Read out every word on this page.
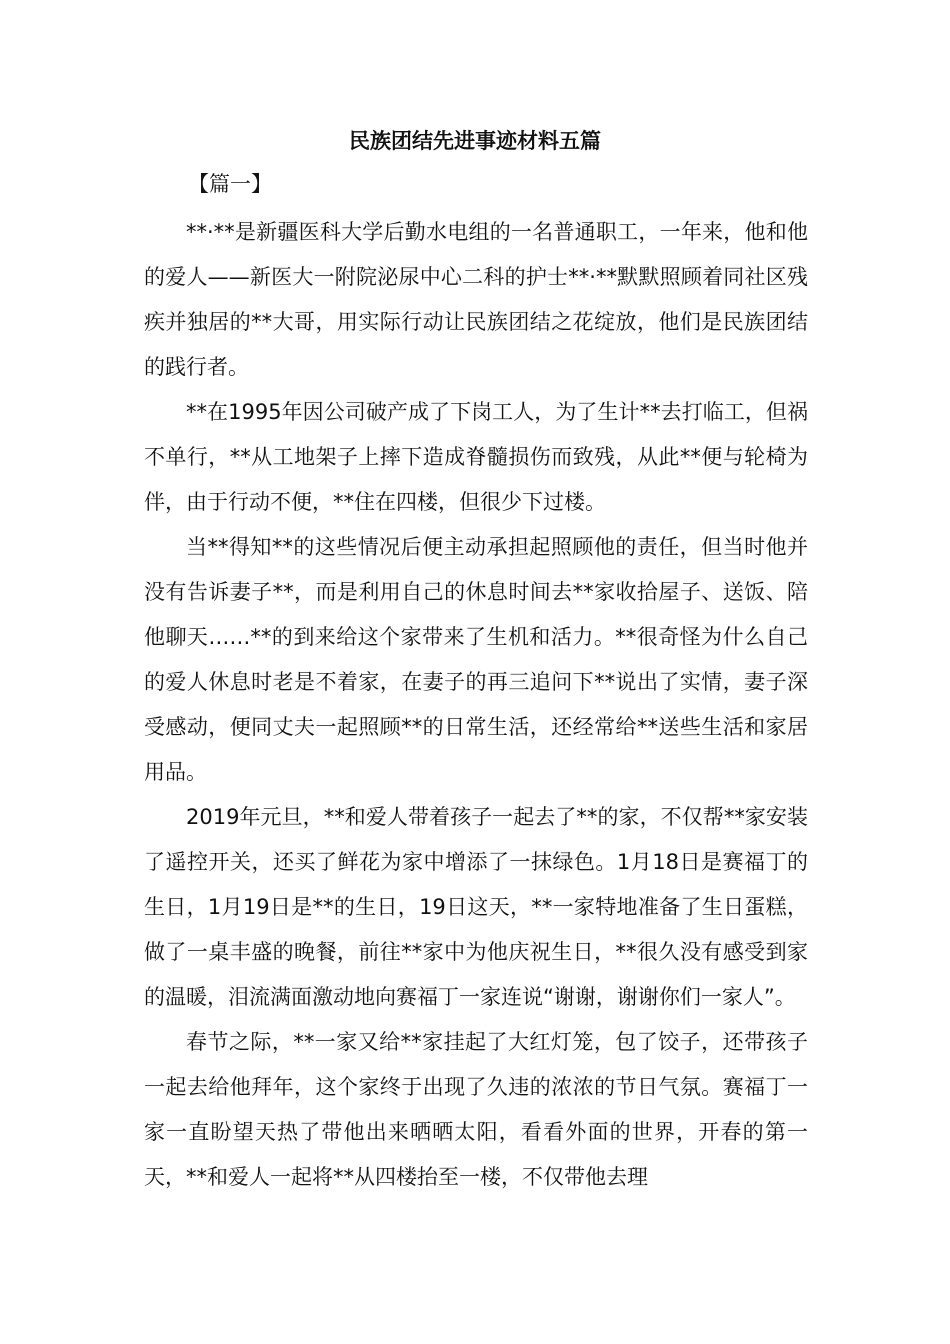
民族团结先进事迹材料五篇

【篇一】

**·**是新疆医科大学后勤水电组的一名普通职工，一年来，他和他的爱人——新医大一附院泌尿中心二科的护士**·**默默照顾着同社区残疾并独居的**大哥，用实际行动让民族团结之花绽放，他们是民族团结的践行者。

**在1995年因公司破产成了下岗工人，为了生计**去打临工，但祸不单行，**从工地架子上摔下造成脊髓损伤而致残，从此**便与轮椅为伴，由于行动不便，**住在四楼，但很少下过楼。

当**得知**的这些情况后便主动承担起照顾他的责任，但当时他并没有告诉妻子**，而是利用自己的休息时间去**家收拾屋子、送饭、陪他聊天……**的到来给这个家带来了生机和活力。**很奇怪为什么自己的爱人休息时老是不着家，在妻子的再三追问下**说出了实情，妻子深受感动，便同丈夫一起照顾**的日常生活，还经常给**送些生活和家居用品。

2019年元旦，**和爱人带着孩子一起去了**的家，不仅帮**家安装了遥控开关，还买了鲜花为家中增添了一抹绿色。1月18日是赛福丁的生日，1月19日是**的生日，19日这天，**一家特地准备了生日蛋糕，做了一桌丰盛的晚餐，前往**家中为他庆祝生日，**很久没有感受到家的温暖，泪流满面激动地向赛福丁一家连说“谢谢，谢谢你们一家人”。

春节之际，**一家又给**家挂起了大红灯笼，包了饺子，还带孩子一起去给他拜年，这个家终于出现了久违的浓浓的节日气氛。赛福丁一家一直盼望天热了带他出来晒晒太阳，看看外面的世界，开春的第一天，**和爱人一起将**从四楼抬至一楼，不仅带他去理
